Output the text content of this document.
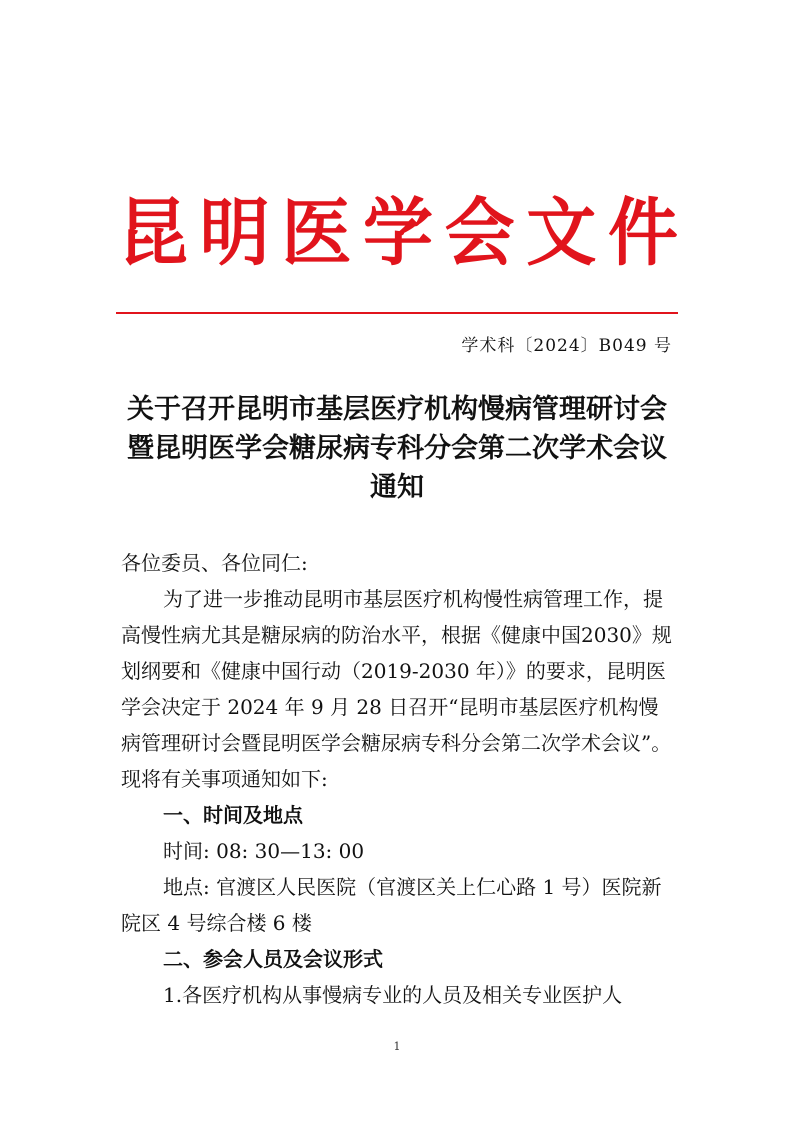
昆 明 医 学 会 文 件
学术科〔2024〕B049 号
关于召开昆明市基层医疗机构慢病管理研讨会
暨昆明医学会糖尿病专科分会第二次学术会议
通知

各位委员、各位同仁:

为了进一步推动昆明市基层医疗机构慢性病管理工作，提高慢性病尤其是糖尿病的防治水平，根据《健康中国2030》规划纲要和《健康中国行动（2019-2030 年）》的要求，昆明医学会决定于 2024 年 9 月 28 日召开“昆明市基层医疗机构慢病管理研讨会暨昆明医学会糖尿病专科分会第二次学术会议”。现将有关事项通知如下:

一、时间及地点

时间: 08: 30—13: 00

地点: 官渡区人民医院（官渡区关上仁心路 1 号）医院新院区 4 号综合楼 6 楼

二、参会人员及会议形式

1.各医疗机构从事慢病专业的人员及相关专业医护人

1
